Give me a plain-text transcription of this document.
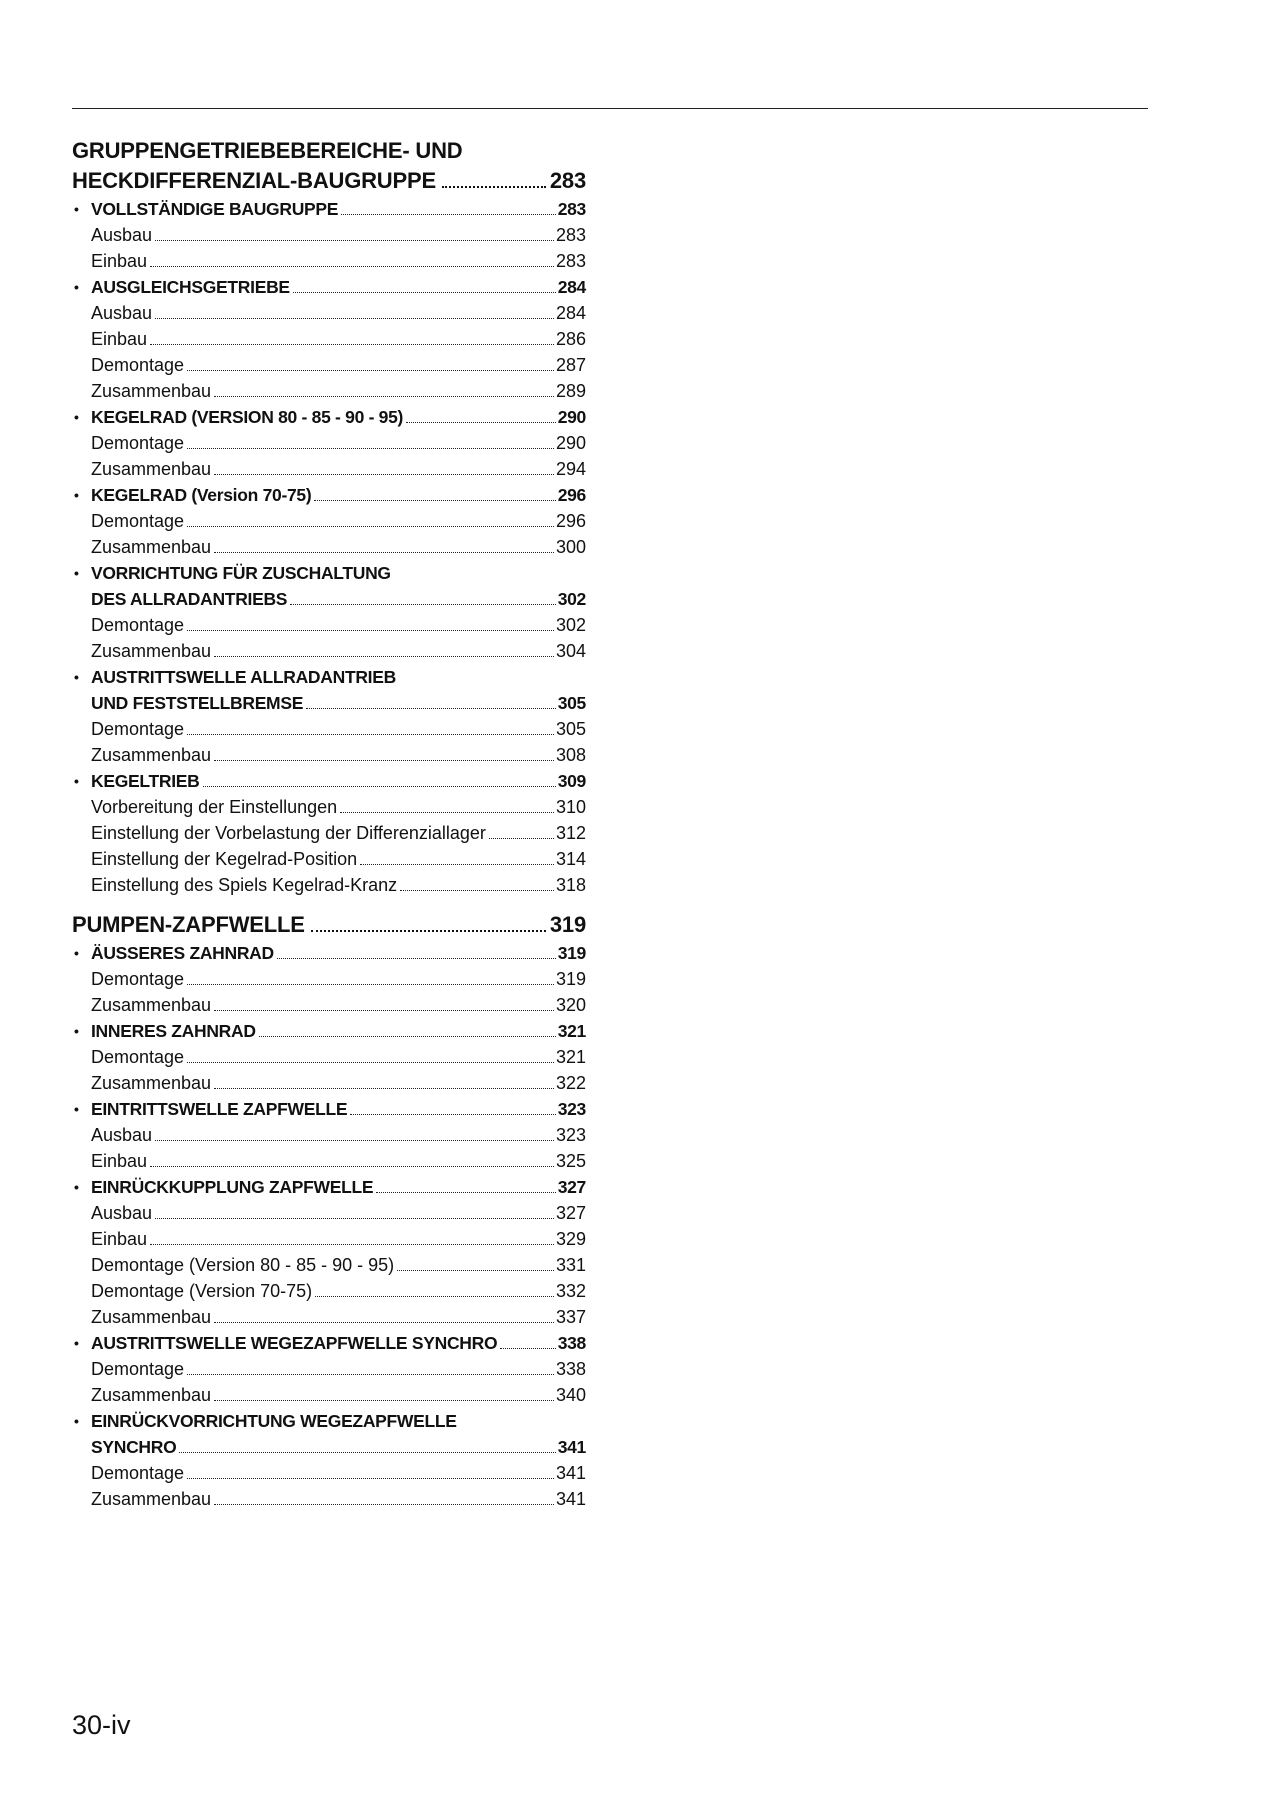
GRUPPENGETRIEBEBEREICHE- UND
HECKDIFFERENZIAL-BAUGRUPPE	283
• VOLLSTÄNDIGE BAUGRUPPE	283
Ausbau	283
Einbau	283
• AUSGLEICHSGETRIEBE	284
Ausbau	284
Einbau	286
Demontage	287
Zusammenbau	289
• KEGELRAD (VERSION 80 - 85 - 90 - 95)	290
Demontage	290
Zusammenbau	294
• KEGELRAD (Version 70-75)	296
Demontage	296
Zusammenbau	300
• VORRICHTUNG FÜR ZUSCHALTUNG
DES ALLRADANTRIEBS	302
Demontage	302
Zusammenbau	304
• AUSTRITTSWELLE ALLRADANTRIEB
UND FESTSTELLBREMSE	305
Demontage	305
Zusammenbau	308
• KEGELTRIEB	309
Vorbereitung der Einstellungen	310
Einstellung der Vorbelastung der Differenziallager	312
Einstellung der Kegelrad-Position	314
Einstellung des Spiels Kegelrad-Kranz	318
PUMPEN-ZAPFWELLE	319
• ÄUSSERES ZAHNRAD	319
Demontage	319
Zusammenbau	320
• INNERES ZAHNRAD	321
Demontage	321
Zusammenbau	322
• EINTRITTSWELLE ZAPFWELLE	323
Ausbau	323
Einbau	325
• EINRÜCKKUPPLUNG ZAPFWELLE	327
Ausbau	327
Einbau	329
Demontage (Version 80 - 85 - 90 - 95)	331
Demontage (Version 70-75)	332
Zusammenbau	337
• AUSTRITTSWELLE WEGEZAPFWELLE SYNCHRO	338
Demontage	338
Zusammenbau	340
• EINRÜCKVORRICHTUNG WEGEZAPFWELLE
SYNCHRO	341
Demontage	341
Zusammenbau	341
30-iv
